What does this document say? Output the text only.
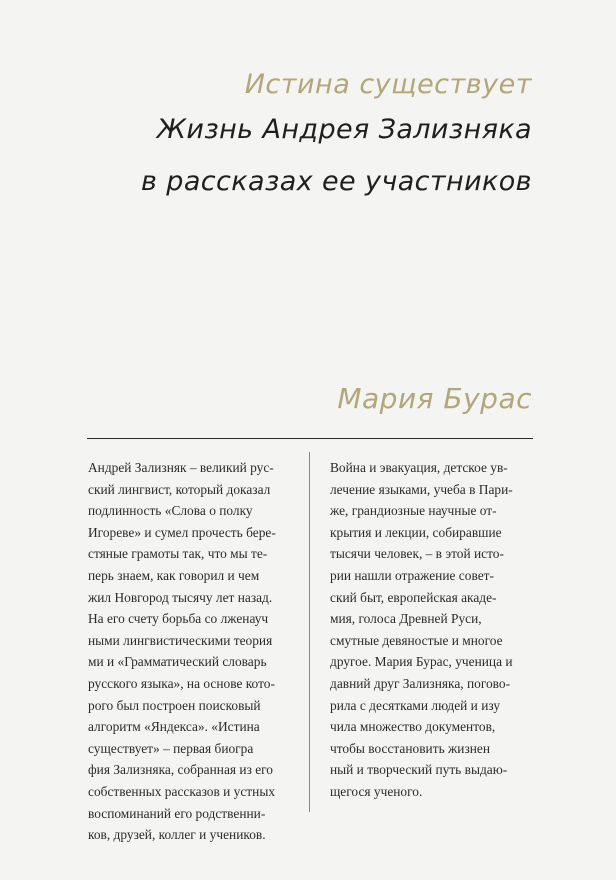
Истина существует
Жизнь Андрея Зализняка
в рассказах ее участников
Мария Бурас
Андрей Зализняк – великий рус-
ский лингвист, который доказал
подлинность «Слова о полку
Игореве» и сумел прочесть бере-
стяные грамоты так, что мы те-
перь знаем, как говорил и чем
жил Новгород тысячу лет назад.
На его счету борьба со лженауч
ными лингвистическими теория
ми и «Грамматический словарь
русского языка», на основе кото-
рого был построен поисковый
алгоритм «Яндекса». «Истина
существует» – первая биогра
фия Зализняка, собранная из его
собственных рассказов и устных
воспоминаний его родственни-
ков, друзей, коллег и учеников.
Война и эвакуация, детское ув-
лечение языками, учеба в Пари-
же, грандиозные научные от-
крытия и лекции, собиравшие
тысячи человек, – в этой исто-
рии нашли отражение совет-
ский быт, европейская акаде-
мия, голоса Древней Руси,
смутные девяностые и многое
другое. Мария Бурас, ученица и
давний друг Зализняка, погово-
рила с десятками людей и изу
чила множество документов,
чтобы восстановить жизнен
ный и творческий путь выдаю-
щегося ученого.
